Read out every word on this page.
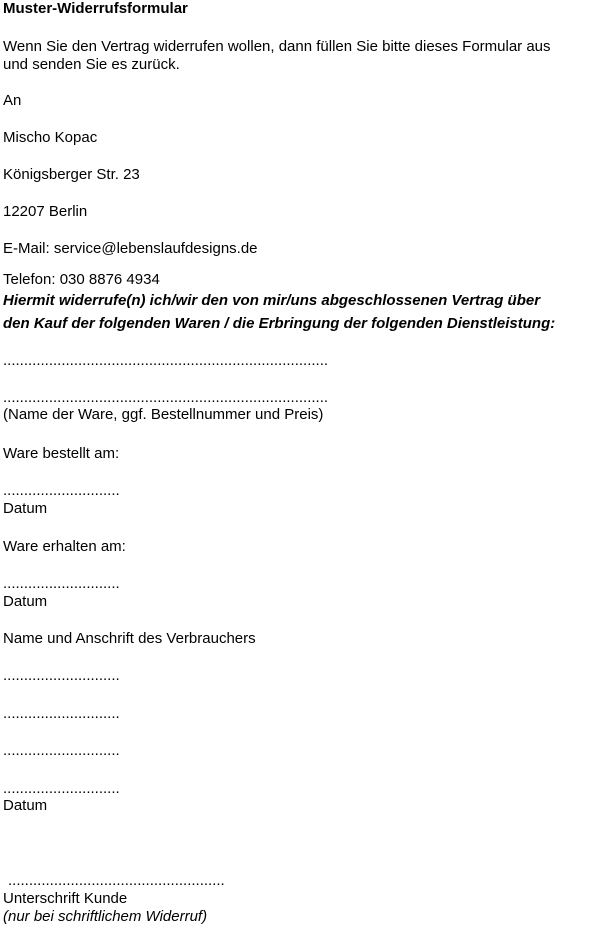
Muster-Widerrufsformular
Wenn Sie den Vertrag widerrufen wollen, dann füllen Sie bitte dieses Formular aus
und senden Sie es zurück.
An
Mischo Kopac
Königsberger Str. 23
12207 Berlin
E-Mail: service@lebenslaufdesigns.de
Telefon: 030 8876 4934
Hiermit widerrufe(n) ich/wir den von mir/uns abgeschlossenen Vertrag über
den Kauf der folgenden Waren / die Erbringung der folgenden Dienstleistung:
..............................................................................
..............................................................................
(Name der Ware, ggf. Bestellnummer und Preis)
Ware bestellt am:
............................
Datum
Ware erhalten am:
............................
Datum
Name und Anschrift des Verbrauchers
............................
............................
............................
............................
Datum
....................................................
Unterschrift Kunde
(nur bei schriftlichem Widerruf)
